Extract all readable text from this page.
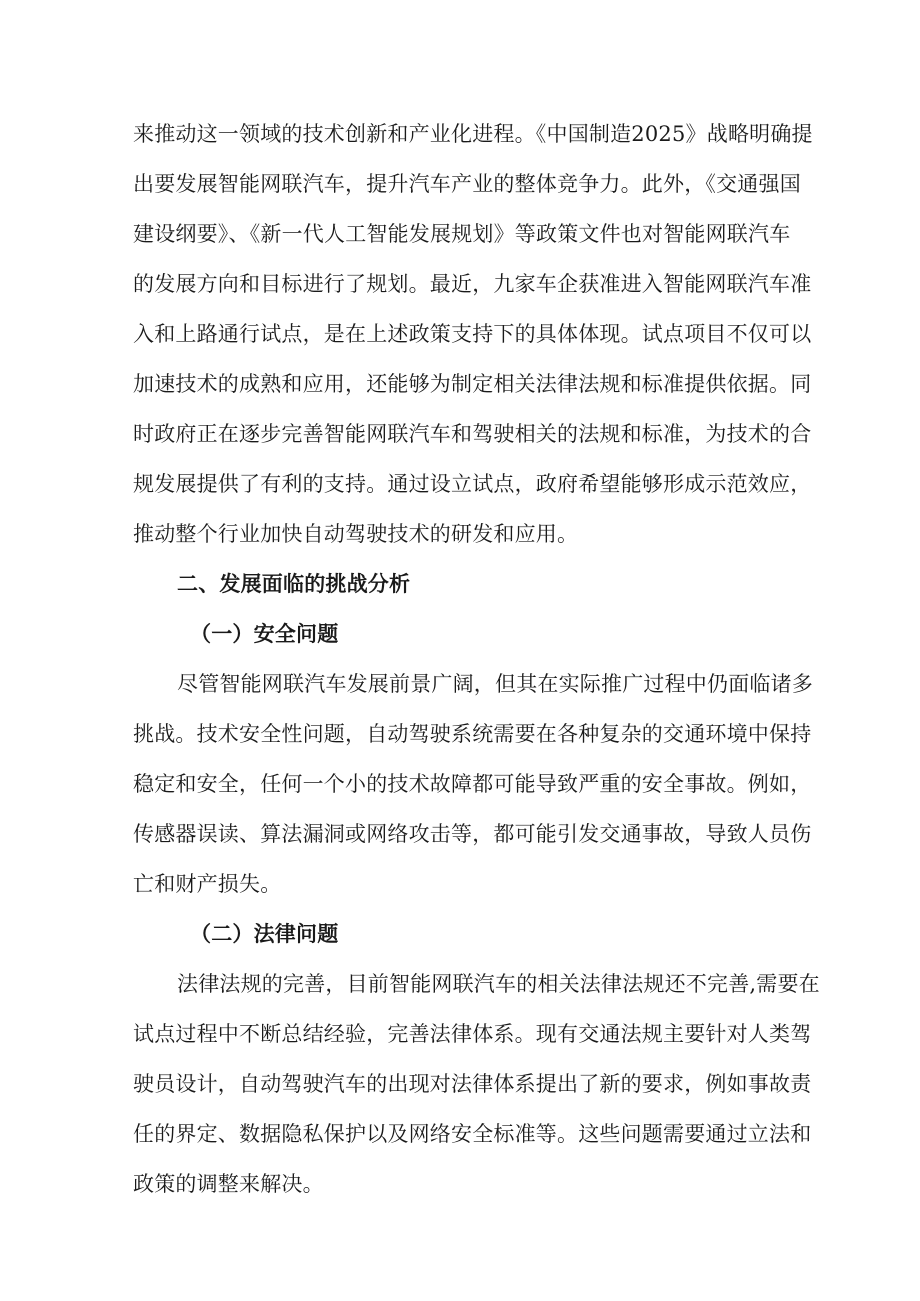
来推动这一领域的技术创新和产业化进程。《中国制造2025》战略明确提
出要发展智能网联汽车，提升汽车产业的整体竞争力。此外，《交通强国
建设纲要》、《新一代人工智能发展规划》等政策文件也对智能网联汽车
的发展方向和目标进行了规划。最近，九家车企获准进入智能网联汽车准
入和上路通行试点，是在上述政策支持下的具体体现。试点项目不仅可以
加速技术的成熟和应用，还能够为制定相关法律法规和标准提供依据。同
时政府正在逐步完善智能网联汽车和驾驶相关的法规和标准，为技术的合
规发展提供了有利的支持。通过设立试点，政府希望能够形成示范效应，
推动整个行业加快自动驾驶技术的研发和应用。
二、发展面临的挑战分析
（一）安全问题
尽管智能网联汽车发展前景广阔，但其在实际推广过程中仍面临诸多
挑战。技术安全性问题，自动驾驶系统需要在各种复杂的交通环境中保持
稳定和安全，任何一个小的技术故障都可能导致严重的安全事故。例如，
传感器误读、算法漏洞或网络攻击等，都可能引发交通事故，导致人员伤
亡和财产损失。
（二）法律问题
法律法规的完善，目前智能网联汽车的相关法律法规还不完善,需要在
试点过程中不断总结经验，完善法律体系。现有交通法规主要针对人类驾
驶员设计，自动驾驶汽车的出现对法律体系提出了新的要求，例如事故责
任的界定、数据隐私保护以及网络安全标准等。这些问题需要通过立法和
政策的调整来解决。
